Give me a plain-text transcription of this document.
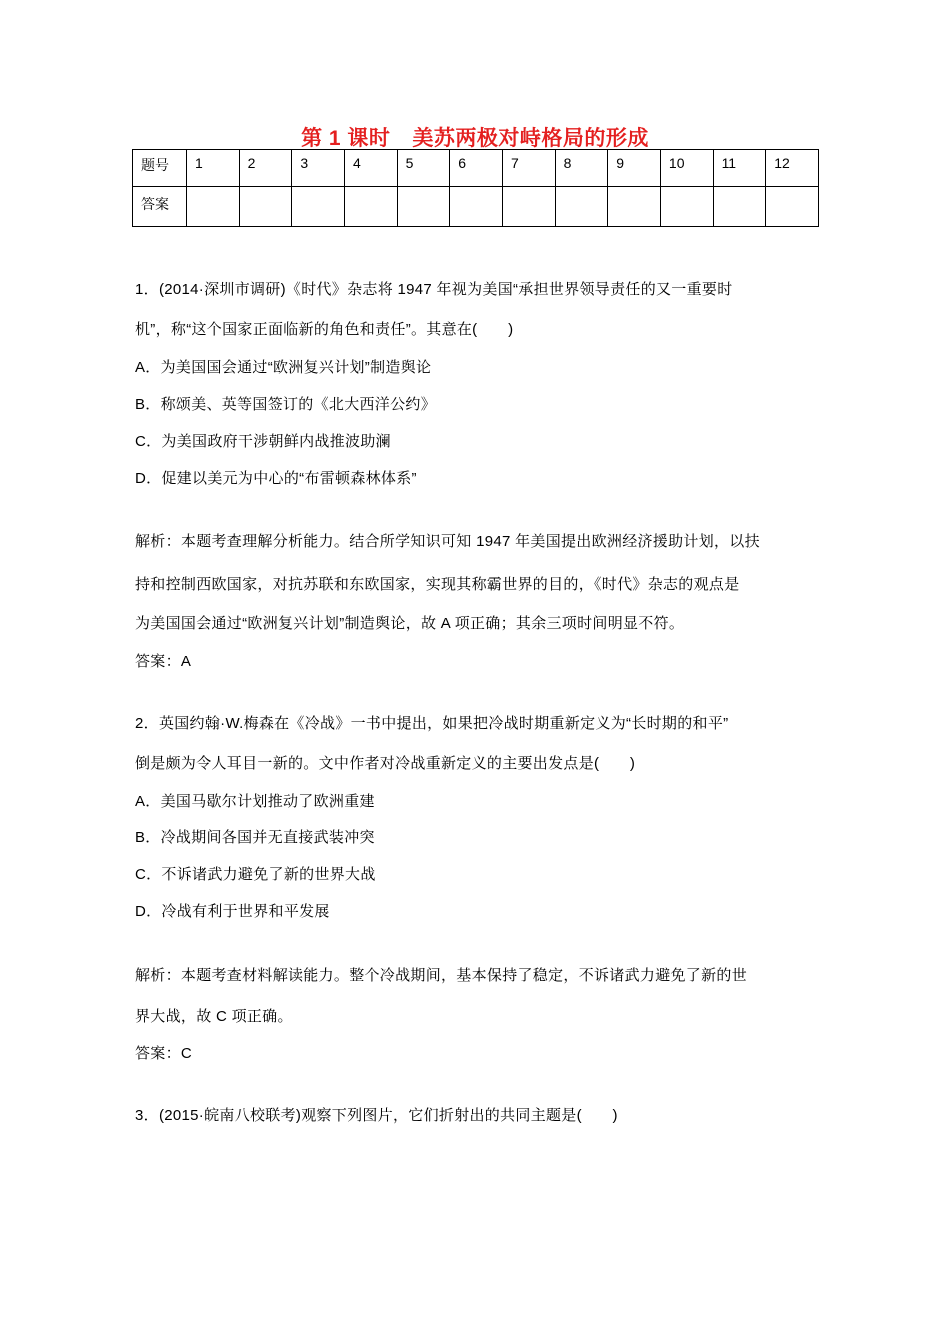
第 1 课时 美苏两极对峙格局的形成
题号	1	2	3	4	5	6	7	8	9	10	11	12
答案												
1．(2014·深圳市调研)《时代》杂志将 1947 年视为美国“承担世界领导责任的又一重要时
机”，称“这个国家正面临新的角色和责任”。其意在(　　)
A．为美国国会通过“欧洲复兴计划”制造舆论
B．称颂美、英等国签订的《北大西洋公约》
C．为美国政府干涉朝鲜内战推波助澜
D．促建以美元为中心的“布雷顿森林体系”
解析：本题考查理解分析能力。结合所学知识可知 1947 年美国提出欧洲经济援助计划，以扶
持和控制西欧国家，对抗苏联和东欧国家，实现其称霸世界的目的，《时代》杂志的观点是
为美国国会通过“欧洲复兴计划”制造舆论，故 A 项正确；其余三项时间明显不符。
答案：A
2．英国约翰·W.梅森在《冷战》一书中提出，如果把冷战时期重新定义为“长时期的和平”
倒是颇为令人耳目一新的。文中作者对冷战重新定义的主要出发点是(　　)
A．美国马歇尔计划推动了欧洲重建
B．冷战期间各国并无直接武装冲突
C．不诉诸武力避免了新的世界大战
D．冷战有利于世界和平发展
解析：本题考查材料解读能力。整个冷战期间，基本保持了稳定，不诉诸武力避免了新的世
界大战，故 C 项正确。
答案：C
3．(2015·皖南八校联考)观察下列图片，它们折射出的共同主题是(　　)
